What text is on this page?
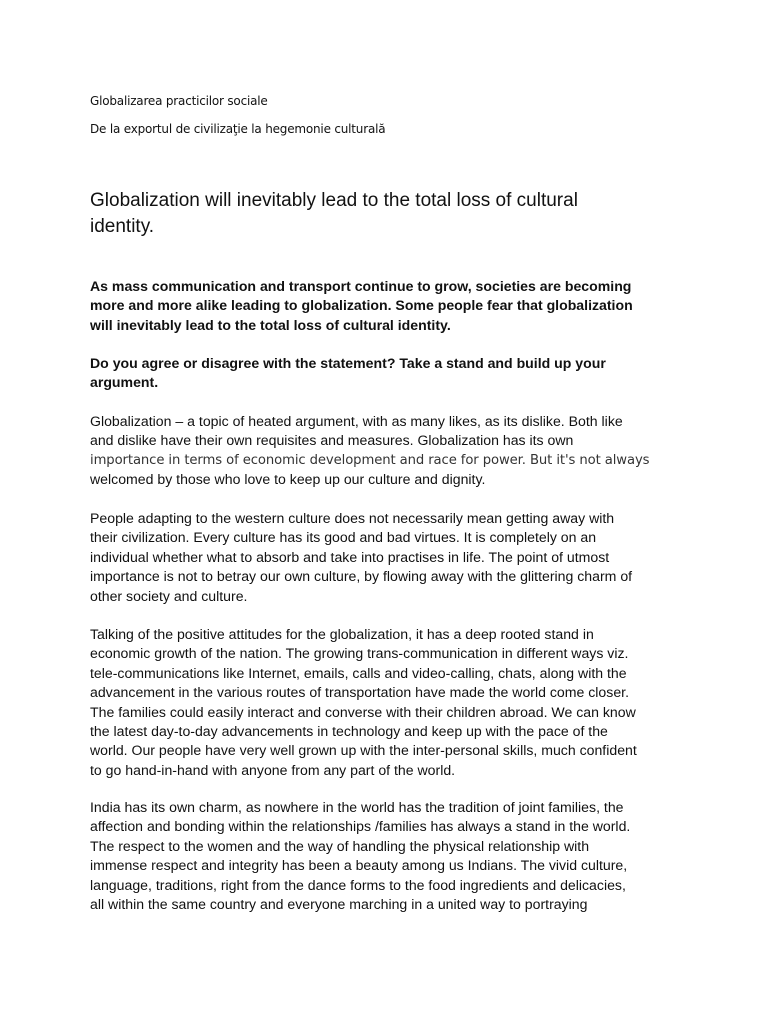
Globalizarea practicilor sociale
De la exportul de civilizaţie la hegemonie culturală
Globalization will inevitably lead to the total loss of cultural
identity.

As mass communication and transport continue to grow, societies are becoming
more and more alike leading to globalization. Some people fear that globalization
will inevitably lead to the total loss of cultural identity.

Do you agree or disagree with the statement? Take a stand and build up your
argument.

Globalization – a topic of heated argument, with as many likes, as its dislike. Both like
and dislike have their own requisites and measures. Globalization has its own
importance in terms of economic development and race for power. But it's not always
welcomed by those who love to keep up our culture and dignity.

People adapting to the western culture does not necessarily mean getting away with
their civilization. Every culture has its good and bad virtues. It is completely on an
individual whether what to absorb and take into practises in life. The point of utmost
importance is not to betray our own culture, by flowing away with the glittering charm of
other society and culture.

Talking of the positive attitudes for the globalization, it has a deep rooted stand in
economic growth of the nation. The growing trans-communication in different ways viz.
tele-communications like Internet, emails, calls and video-calling, chats, along with the
advancement in the various routes of transportation have made the world come closer.
The families could easily interact and converse with their children abroad. We can know
the latest day-to-day advancements in technology and keep up with the pace of the
world. Our people have very well grown up with the inter-personal skills, much confident
to go hand-in-hand with anyone from any part of the world.

India has its own charm, as nowhere in the world has the tradition of joint families, the
affection and bonding within the relationships /families has always a stand in the world.
The respect to the women and the way of handling the physical relationship with
immense respect and integrity has been a beauty among us Indians. The vivid culture,
language, traditions, right from the dance forms to the food ingredients and delicacies,
all within the same country and everyone marching in a united way to portraying
